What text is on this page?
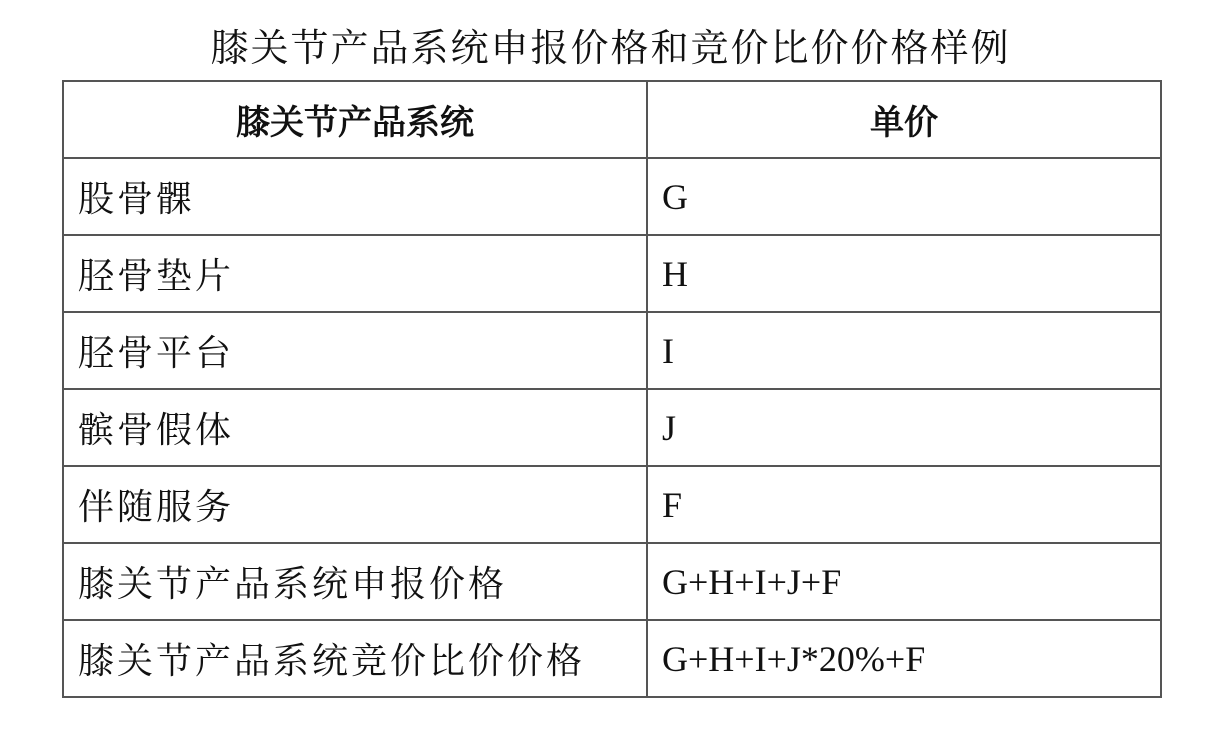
膝关节产品系统申报价格和竞价比价价格样例
膝关节产品系统	单价
股骨髁	G
胫骨垫片	H
胫骨平台	I
髌骨假体	J
伴随服务	F
膝关节产品系统申报价格	G+H+I+J+F
膝关节产品系统竞价比价价格	G+H+I+J*20%+F
